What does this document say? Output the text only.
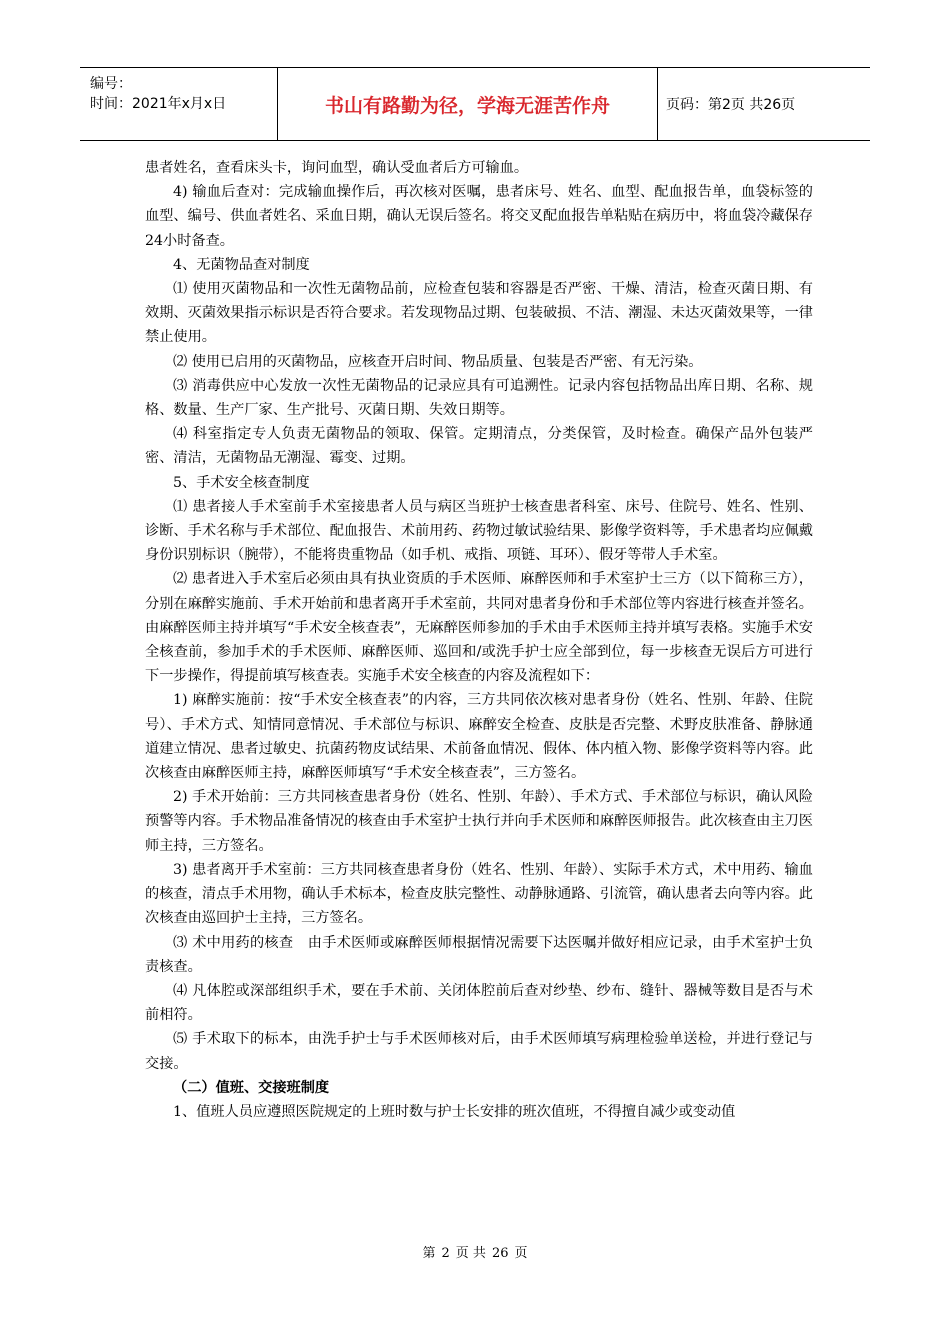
编号：
时间：2021年x月x日	书山有路勤为径，学海无涯苦作舟	页码：第2页 共26页

患者姓名，查看床头卡，询问血型，确认受血者后方可输血。

4) 输血后查对：完成输血操作后，再次核对医嘱，患者床号、姓名、血型、配血报告单，血袋标签的血型、编号、供血者姓名、采血日期，确认无误后签名。将交叉配血报告单粘贴在病历中，将血袋冷藏保存24小时备查。

4、无菌物品查对制度

⑴ 使用灭菌物品和一次性无菌物品前，应检查包装和容器是否严密、干燥、清洁，检查灭菌日期、有效期、灭菌效果指示标识是否符合要求。若发现物品过期、包装破损、不洁、潮湿、未达灭菌效果等，一律禁止使用。

⑵ 使用已启用的灭菌物品，应核查开启时间、物品质量、包装是否严密、有无污染。

⑶ 消毒供应中心发放一次性无菌物品的记录应具有可追溯性。记录内容包括物品出库日期、名称、规格、数量、生产厂家、生产批号、灭菌日期、失效日期等。

⑷ 科室指定专人负责无菌物品的领取、保管。定期清点，分类保管，及时检查。确保产品外包装严密、清洁，无菌物品无潮湿、霉变、过期。

5、手术安全核查制度

⑴ 患者接人手术室前手术室接患者人员与病区当班护士核查患者科室、床号、住院号、姓名、性别、诊断、手术名称与手术部位、配血报告、术前用药、药物过敏试验结果、影像学资料等，手术患者均应佩戴身份识别标识（腕带），不能将贵重物品（如手机、戒指、项链、耳环）、假牙等带人手术室。

⑵ 患者进入手术室后必须由具有执业资质的手术医师、麻醉医师和手术室护士三方（以下简称三方），分别在麻醉实施前、手术开始前和患者离开手术室前，共同对患者身份和手术部位等内容进行核查并签名。由麻醉医师主持并填写“手术安全核查表”，无麻醉医师参加的手术由手术医师主持并填写表格。实施手术安全核查前，参加手术的手术医师、麻醉医师、巡回和/或洗手护士应全部到位，每一步核查无误后方可进行下一步操作，得提前填写核查表。实施手术安全核查的内容及流程如下：

1) 麻醉实施前：按“手术安全核查表”的内容，三方共同依次核对患者身份（姓名、性别、年龄、住院号）、手术方式、知情同意情况、手术部位与标识、麻醉安全检查、皮肤是否完整、术野皮肤准备、静脉通道建立情况、患者过敏史、抗菌药物皮试结果、术前备血情况、假体、体内植入物、影像学资料等内容。此次核查由麻醉医师主持，麻醉医师填写“手术安全核查表”，三方签名。

2) 手术开始前：三方共同核查患者身份（姓名、性别、年龄）、手术方式、手术部位与标识，确认风险预警等内容。手术物品准备情况的核查由手术室护士执行并向手术医师和麻醉医师报告。此次核查由主刀医师主持，三方签名。

3) 患者离开手术室前：三方共同核查患者身份（姓名、性别、年龄）、实际手术方式，术中用药、输血的核查，清点手术用物，确认手术标本，检查皮肤完整性、动静脉通路、引流管，确认患者去向等内容。此次核查由巡回护士主持，三方签名。

⑶ 术中用药的核查　由手术医师或麻醉医师根据情况需要下达医嘱并做好相应记录，由手术室护士负责核查。

⑷ 凡体腔或深部组织手术，要在手术前、关闭体腔前后查对纱垫、纱布、缝针、器械等数目是否与术前相符。

⑸ 手术取下的标本，由洗手护士与手术医师核对后，由手术医师填写病理检验单送检，并进行登记与交接。

（二）值班、交接班制度

1、值班人员应遵照医院规定的上班时数与护士长安排的班次值班，不得擅自减少或变动值

第 2 页 共 26 页
